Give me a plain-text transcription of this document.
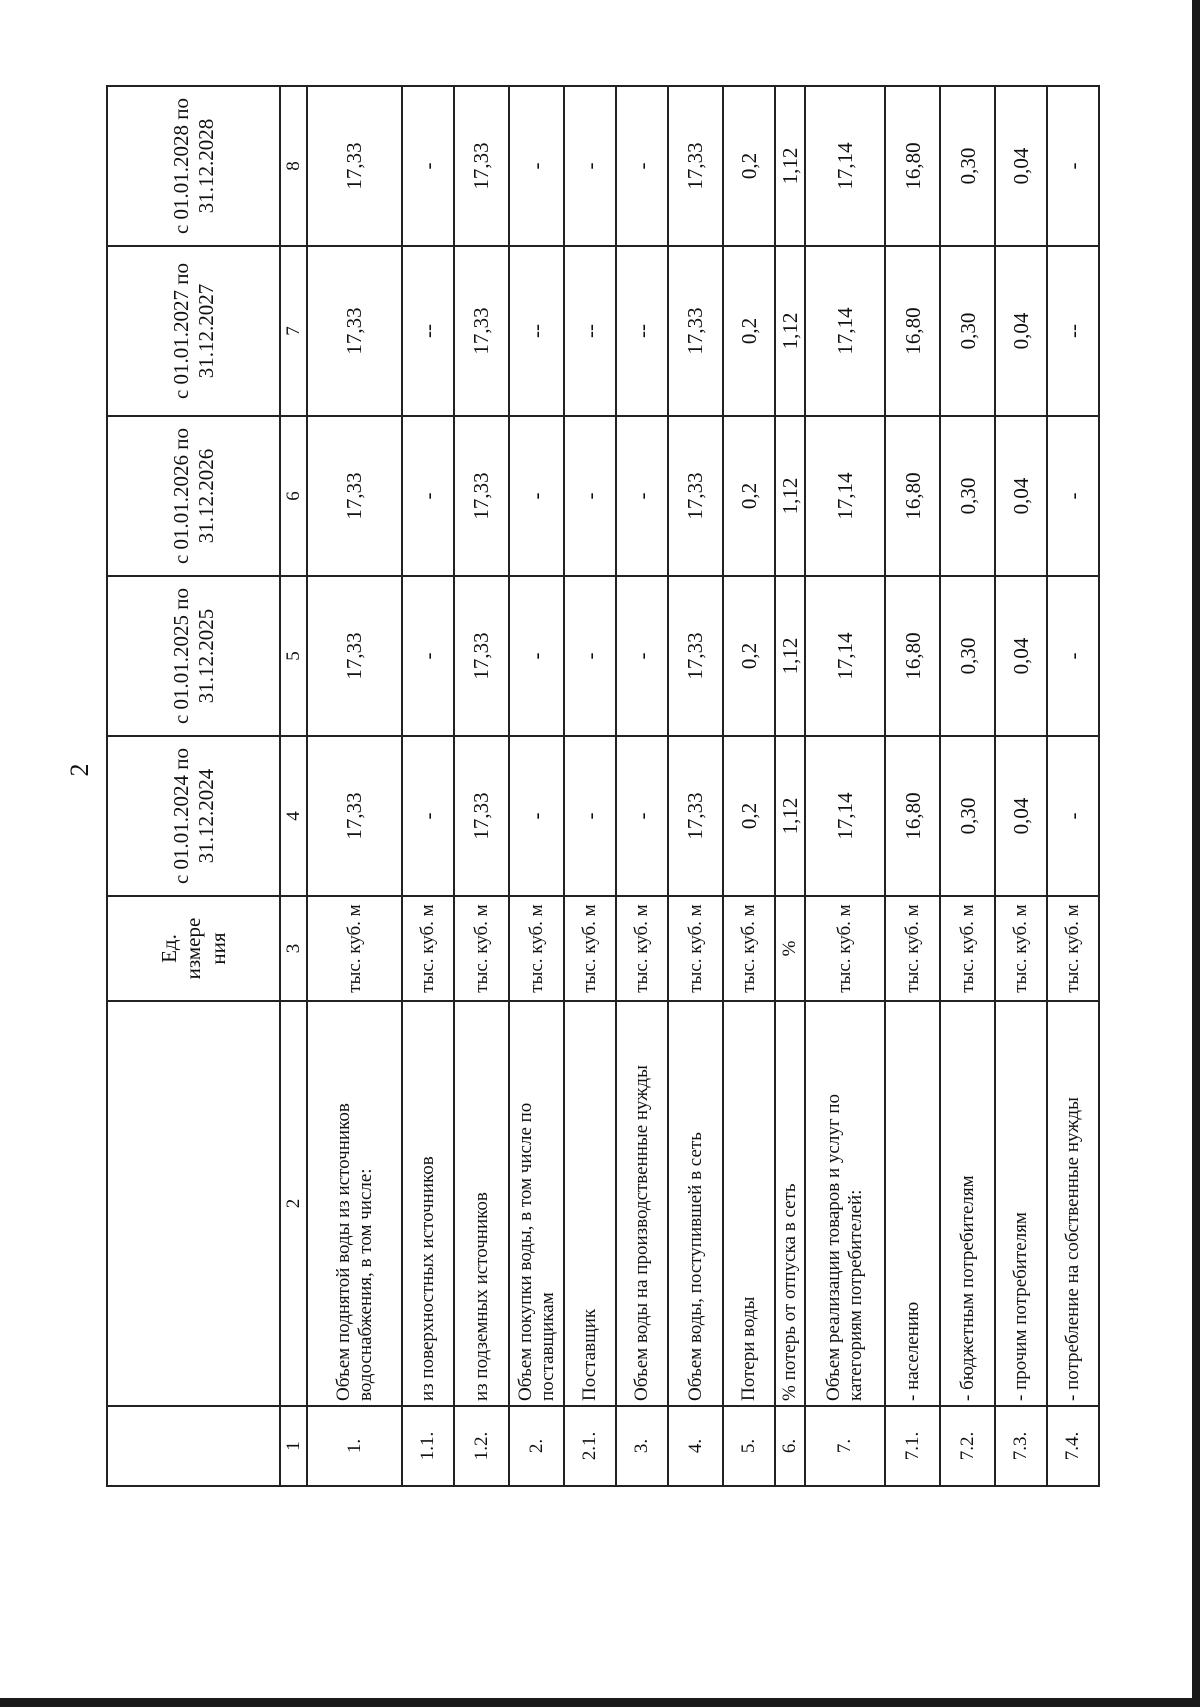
2
		Ед. измере ния	с 01.01.2024 по 31.12.2024	с 01.01.2025 по 31.12.2025	с 01.01.2026 по 31.12.2026	с 01.01.2027 по 31.12.2027	с 01.01.2028 по 31.12.2028
1	2	3	4	5	6	7	8
1.	Объем поднятой воды из источников водоснабжения, в том числе:	тыс. куб. м	17,33	17,33	17,33	17,33	17,33
1.1.	из поверхностных источников	тыс. куб. м	-	-	-	--	-
1.2.	из подземных источников	тыс. куб. м	17,33	17,33	17,33	17,33	17,33
2.	Объем покупки воды, в том числе по поставщикам	тыс. куб. м	-	-	-	--	-
2.1.	Поставщик	тыс. куб. м	-	-	-	--	-
3.	Объем воды на производственные нужды	тыс. куб. м	-	-	-	--	-
4.	Объем воды, поступившей в сеть	тыс. куб. м	17,33	17,33	17,33	17,33	17,33
5.	Потери воды	тыс. куб. м	0,2	0,2	0,2	0,2	0,2
6.	% потерь от отпуска в сеть	%	1,12	1,12	1,12	1,12	1,12
7.	Объем реализации товаров и услуг по категориям потребителей:	тыс. куб. м	17,14	17,14	17,14	17,14	17,14
7.1.	- населению	тыс. куб. м	16,80	16,80	16,80	16,80	16,80
7.2.	- бюджетным потребителям	тыс. куб. м	0,30	0,30	0,30	0,30	0,30
7.3.	- прочим потребителям	тыс. куб. м	0,04	0,04	0,04	0,04	0,04
7.4.	- потребление на собственные нужды	тыс. куб. м	-	-	-	--	-
